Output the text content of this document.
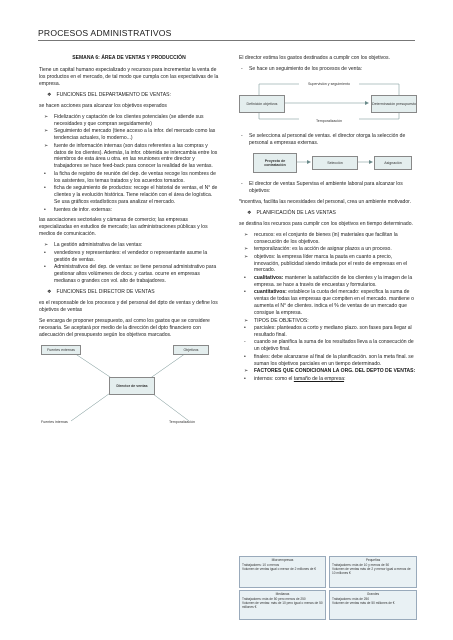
PROCESOS ADMINISTRATIVOS

SEMANA 6: ÁREA DE VENTAS Y PRODUCCIÓN

Tiene un capital humano especializado y recursos para incrementar la venta de los productos en el mercado, de tal modo que cumpla con las expectativas de la empresa.

❖ FUNCIONES DEL DEPARTAMENTO DE VENTAS:

se hacen acciones para alcanzar los objetivos esperados

➢ Fidelización y captación de los clientes potenciales (se atiende sus necesidades y que compran seguidamente)
➢ Seguimiento del mercado (tiene acceso a la infor. del mercado como las tendencias actuales, lo moderno...)
➢ fuente de información internas (son datos referentes a las compras y datos de los clientes). Además, la infor. obtenida se intercambia entre los miembros de esta área u otra. en las reuniones entre director y trabajadores se hace feed-back para conocer la realidad de las ventas.
• la ficha de registro de reunión del dep. de ventas recoge los nombres de los asistentes, los temas tratados y los acuerdos tomados.
• ficha de seguimiento de productos: recoge el historial de ventas, el N° de clientes y la evolución histórica. Tiene relación con el área de logística. Se usa gráficos estadísticos para analizar el mercado.
• fuentes de infor. externas:

las asociaciones sectoriales y cámaras de comercio; las empresas especializadas en estudios de mercado; las administraciones públicas y los medios de comunicación.

➢ La gestión administrativa de las ventas:
• vendedores y representantes: el vendedor o representante asume la gestión de ventas.
• Administrativos del dep. de ventas: se tiene personal administrativo para gestionar altos volúmenes de docs. y cartas. ocurre en empresas medianas o grandes con vol. alto de trabajadores.

❖ FUNCIONES DEL DIRECTOR DE VENTAS

es el responsable de los procesos y del personal del dpto de ventas y define los objetivos de ventas

Se encarga de proponer presupuesto, así como los gastos que se considere necesaria. Se aceptará por medio de la dirección del dpto financiero con adecuación del presupuesto según los objetivos marcados.

Fuentes externas	Objetivos
Director de ventas
Fuentes internas	Temporalización

El director estima los gastos destinados a cumplir con los objetivos.

- Se hace un seguimiento de los procesos de venta:
Supervisión y seguimiento
Definición objetivos	Determinación presupuesto
Temporalización
- Se selecciona al personal de ventas. el director otorga la selección de personal a empresas externas.
Proyecto de contratación	Selección	Asignación
- El director de ventas Supervisa el ambiente laboral para alcanzar los objetivos:

*incentiva, facilita las necesidades del personal, crea un ambiente motivador.

❖ PLANIFICACIÓN DE LAS VENTAS

se destina los recursos para cumplir con los objetivos en tiempo determinado.

➢ recursos: es el conjunto de bienes (in) materiales que facilitan la consecución de los objetivos.
➢ temporalización: es la acción de asignar plazos a un proceso.
➢ objetivos: la empresa líder marca la pauta en cuanto a precio, innovación, publicidad siendo imitada por el resto de empresas en el mercado.
• cualitativos: mantener la satisfacción de los clientes y la imagen de la empresa. se hace a través de encuestas y formularios.
• cuantitativos: establece la cuota del mercado: especifica la suma de ventas de todas las empresas que compiten en el mercado. mantiene o aumenta el N° de clientes. indica el % de ventas de un mercado que consigue la empresa.
➢ TIPOS DE OBJETIVOS:
• parciales: planteados a corto y mediano plazo. son fases para llegar al resultado final.
- cuando se planifica la suma de los resultados lleva a la consecución de un objetivo final.
• finales: debe alcanzarse al final de la planificación. son la meta final. se suman los objetivos parciales en un tiempo determinado.
➢ FACTORES QUE CONDICIONAN LA ORG. DEL DEPTO DE VENTAS:
• internos: como el tamaño de la empresa:
Microempresas
Trabajadores: 10 o menos
Volumen de ventas igual o menor de 2 millones de €
Pequeñas
Trabajadores: más de 10 y menos de 50
Volumen de ventas más de 2 y menor igual a menos de 10 millones €
Medianas
Trabajadores: más de 50 pero menos de 250
Volumen de ventas: más de 10 pero igual o menos de 50 millones €
Grandes
Trabajadores: más de 250
Volumen de ventas más de 50 millones de €
